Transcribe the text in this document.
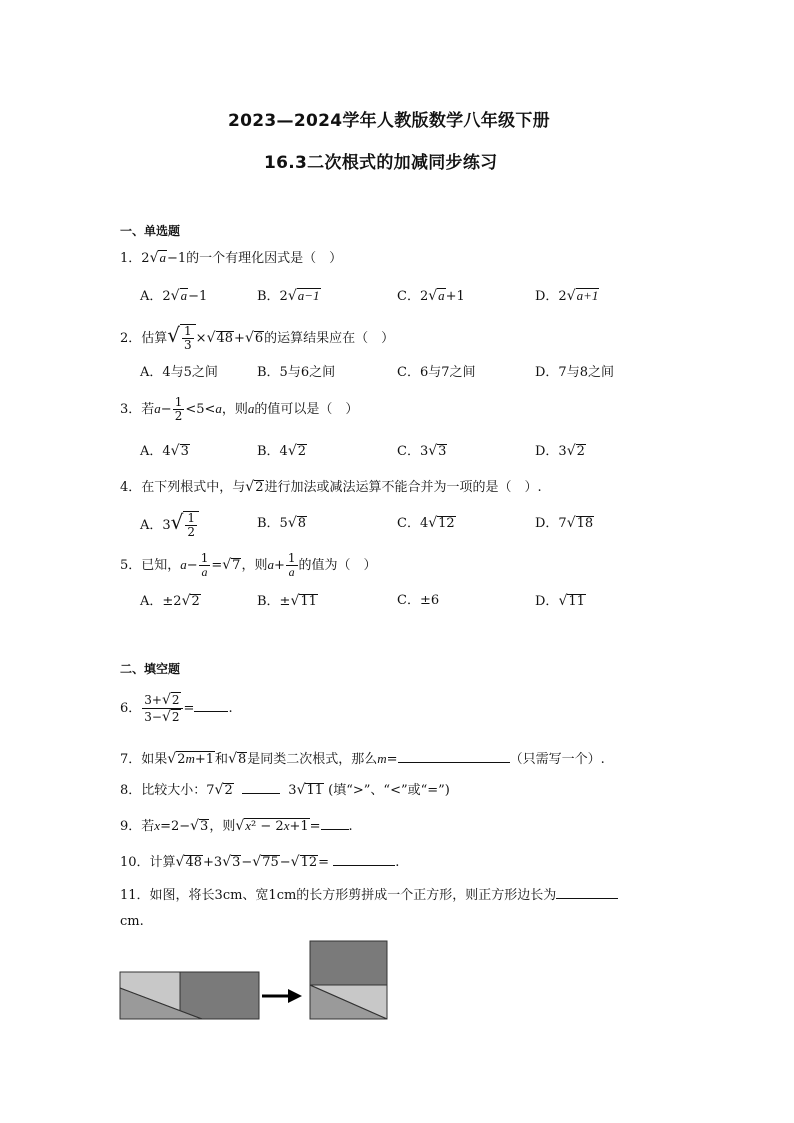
2023—2024学年人教版数学八年级下册
16.3二次根式的加减同步练习
一、单选题
1．2√a−1的一个有理化因式是（　）
A．2√a−1	B．2√a−1	C．2√a+1	D．2√a+1
2．估算√ $\frac{1}{3} \times√48+√6$的运算结果应在（　）
A．4与5之间	B．5与6之间	C．6与7之间	D．7与8之间
3．若$a- \frac{1}{2} <5<a$，则a的值可以是（　）
A．4√3	B．4√2	C．3√3	D．3√2
4．在下列根式中，与√2进行加法或减法运算不能合并为一项的是（　）.
A．$3√ \frac{1}{2}$	B．5√8	C．4√12	D．7√18
5．已知，$a- \frac{1}{a} =√7$，则$a+ \frac{1}{a}$ 的值为（　）
A．±2√2	B．±√11	C．±6	D．√11
二、填空题
6． $\frac{3+√2}{3-√2}$ =	.
7．如果√2m+1和√8是同类二次根式，那么m=	（只需写一个）.
8．比较大小：7√2	3√11 (填“>”、“<”或“=”)
9．若x=2−√3，则√x² − 2x+1= .
10．计算√48+3√3−√75−√12=	.
11．如图，将长3cm、宽1cm的长方形剪拼成一个正方形，则正方形边长为
cm.
